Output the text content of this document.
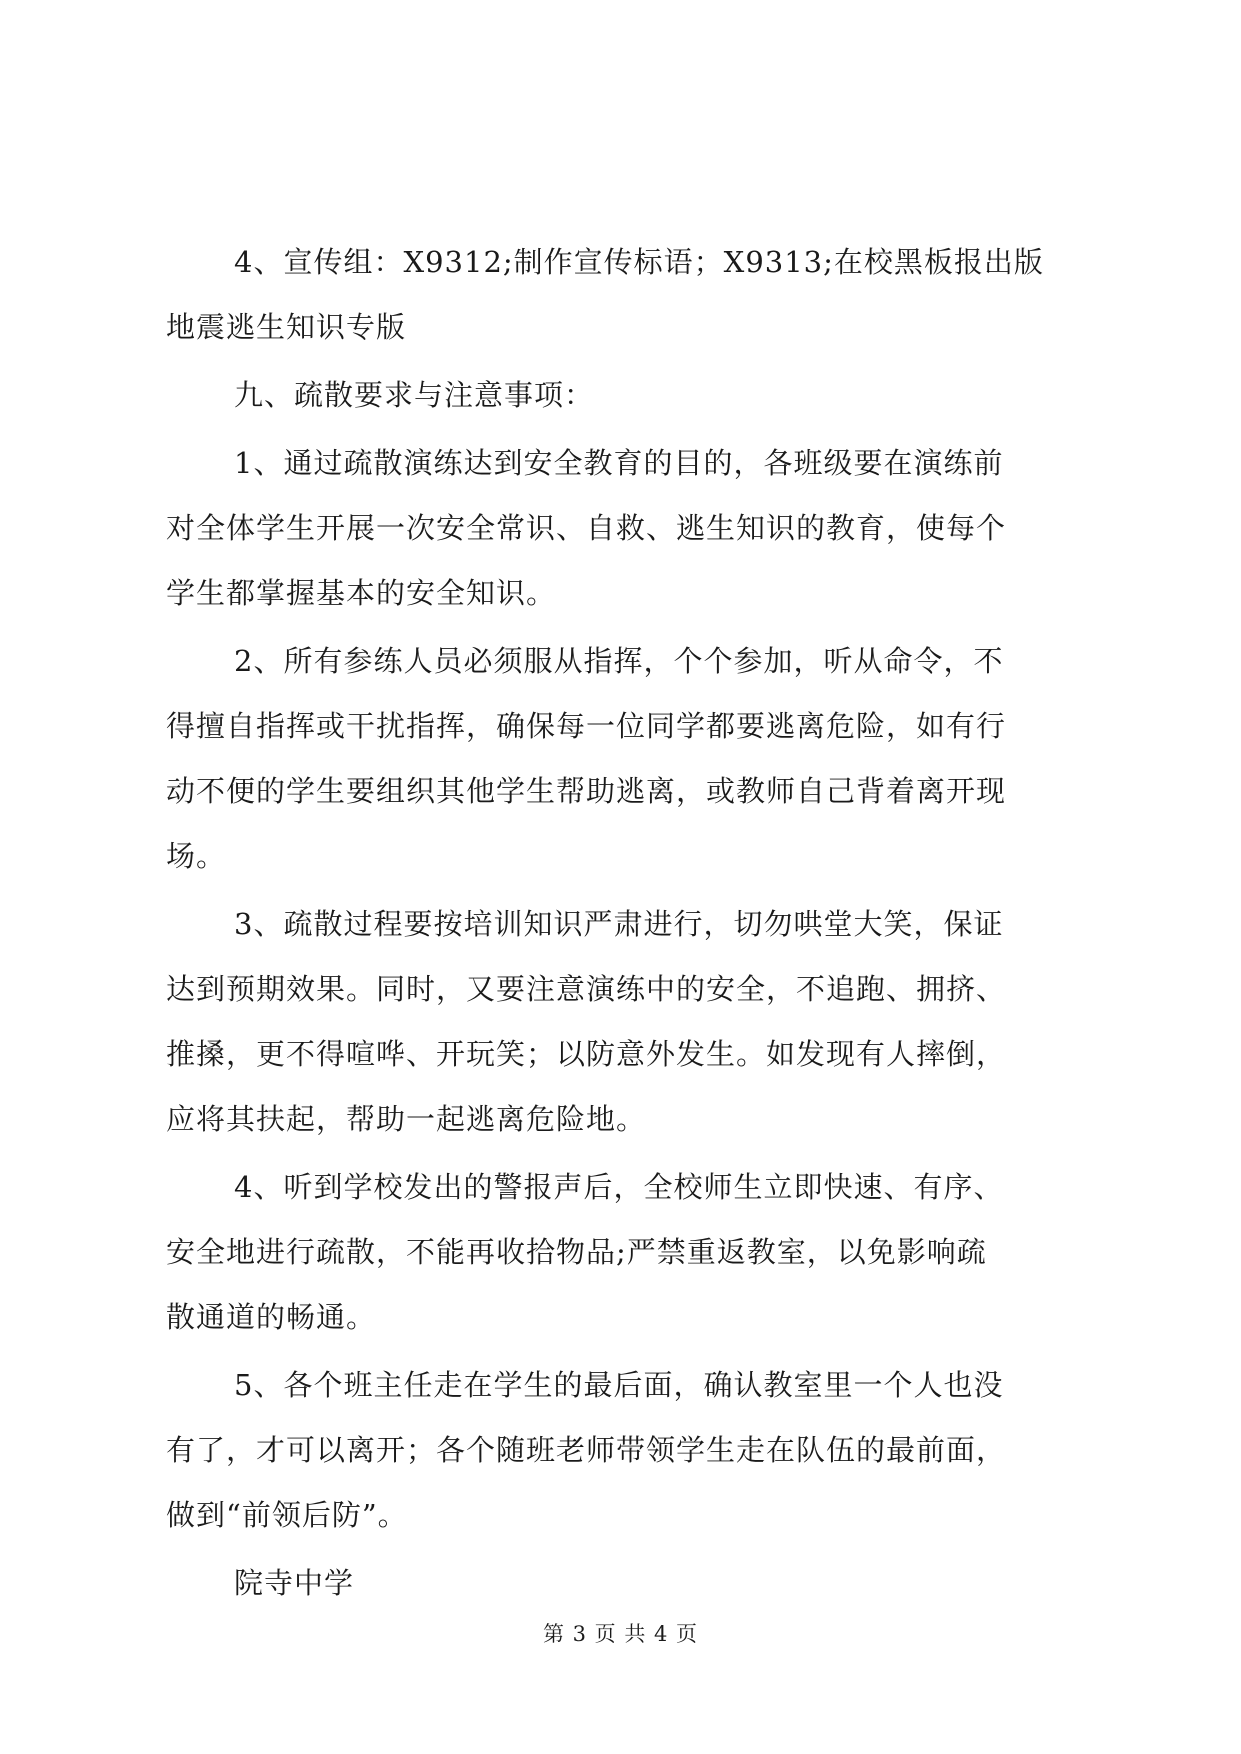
4、宣传组：X9312;制作宣传标语；X9313;在校黑板报出版
地震逃生知识专版

九、疏散要求与注意事项：

1、通过疏散演练达到安全教育的目的，各班级要在演练前
对全体学生开展一次安全常识、自救、逃生知识的教育，使每个
学生都掌握基本的安全知识。

2、所有参练人员必须服从指挥，个个参加，听从命令，不
得擅自指挥或干扰指挥，确保每一位同学都要逃离危险，如有行
动不便的学生要组织其他学生帮助逃离，或教师自己背着离开现
场。

3、疏散过程要按培训知识严肃进行，切勿哄堂大笑，保证
达到预期效果。同时，又要注意演练中的安全，不追跑、拥挤、
推搡，更不得喧哗、开玩笑；以防意外发生。如发现有人摔倒，
应将其扶起，帮助一起逃离危险地。

4、听到学校发出的警报声后，全校师生立即快速、有序、
安全地进行疏散，不能再收拾物品;严禁重返教室，以免影响疏
散通道的畅通。

5、各个班主任走在学生的最后面，确认教室里一个人也没
有了，才可以离开；各个随班老师带领学生走在队伍的最前面，
做到“前领后防”。

院寺中学

第 3 页 共 4 页
